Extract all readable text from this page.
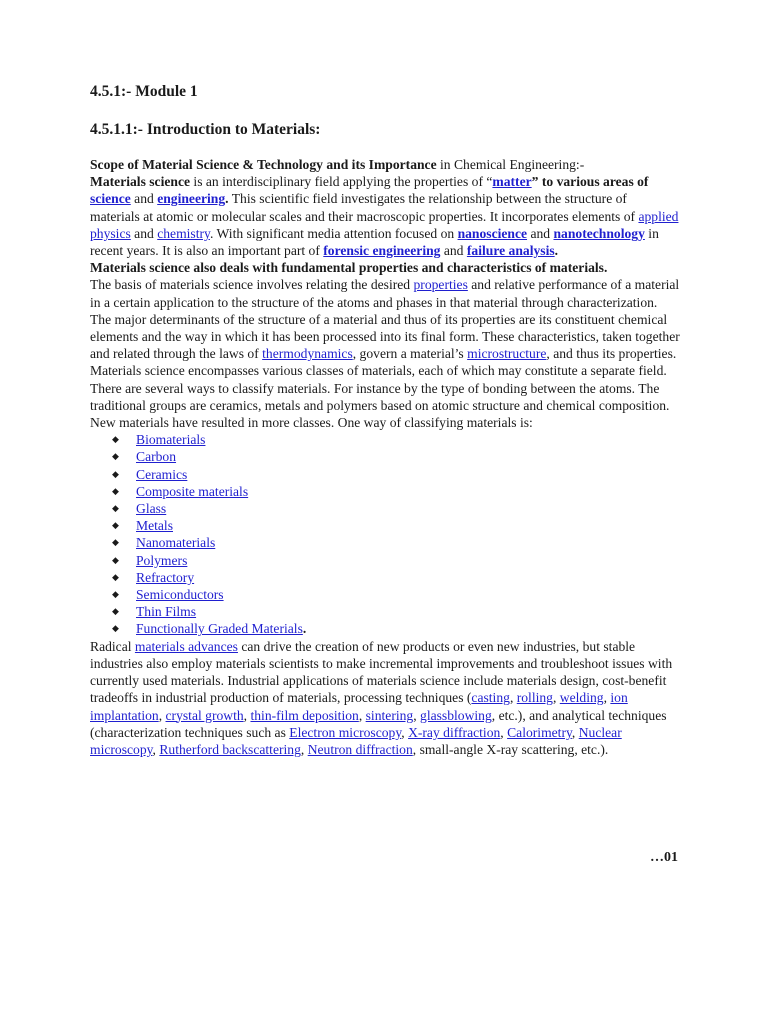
4.5.1:- Module 1
4.5.1.1:- Introduction to Materials:

Scope of Material Science & Technology and its Importance in Chemical Engineering:-
Materials science is an interdisciplinary field applying the properties of “matter” to various areas of science and engineering. This scientific field investigates the relationship between the structure of materials at atomic or molecular scales and their macroscopic properties. It incorporates elements of applied physics and chemistry. With significant media attention focused on nanoscience and nanotechnology in recent years. It is also an important part of forensic engineering and failure analysis.

Materials science also deals with fundamental properties and characteristics of materials.
The basis of materials science involves relating the desired properties and relative performance of a material in a certain application to the structure of the atoms and phases in that material through characterization. The major determinants of the structure of a material and thus of its properties are its constituent chemical elements and the way in which it has been processed into its final form. These characteristics, taken together and related through the laws of thermodynamics, govern a material’s microstructure, and thus its properties.

Materials science encompasses various classes of materials, each of which may constitute a separate field. There are several ways to classify materials. For instance by the type of bonding between the atoms. The traditional groups are ceramics, metals and polymers based on atomic structure and chemical composition. New materials have resulted in more classes. One way of classifying materials is:

◆ Biomaterials
◆ Carbon
◆ Ceramics
◆ Composite materials
◆ Glass
◆ Metals
◆ Nanomaterials
◆ Polymers
◆ Refractory
◆ Semiconductors
◆ Thin Films
◆ Functionally Graded Materials.

Radical materials advances can drive the creation of new products or even new industries, but stable industries also employ materials scientists to make incremental improvements and troubleshoot issues with currently used materials. Industrial applications of materials science include materials design, cost-benefit tradeoffs in industrial production of materials, processing techniques (casting, rolling, welding, ion implantation, crystal growth, thin-film deposition, sintering, glassblowing, etc.), and analytical techniques (characterization techniques such as Electron microscopy, X-ray diffraction, Calorimetry, Nuclear microscopy, Rutherford backscattering, Neutron diffraction, small-angle X-ray scattering, etc.).

…01
